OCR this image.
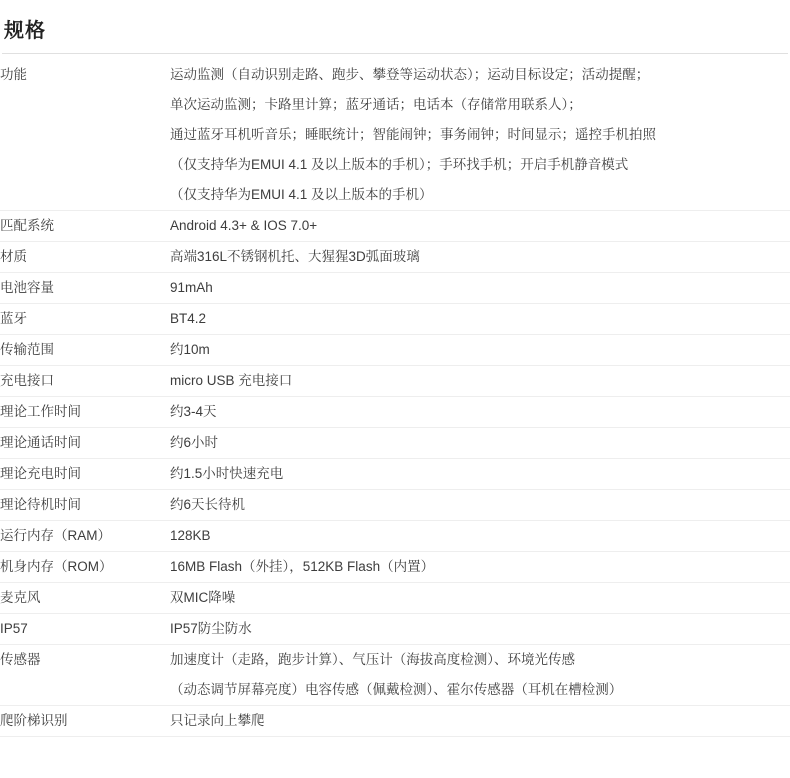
规格
功能	运动监测（自动识别走路、跑步、攀登等运动状态）；运动目标设定；活动提醒；
单次运动监测；卡路里计算；蓝牙通话；电话本（存储常用联系人）；
通过蓝牙耳机听音乐；睡眠统计；智能闹钟；事务闹钟；时间显示；遥控手机拍照
（仅支持华为EMUI 4.1 及以上版本的手机）；手环找手机；开启手机静音模式
（仅支持华为EMUI 4.1 及以上版本的手机）

匹配系统	Android 4.3+ & IOS 7.0+

材质	高端316L不锈钢机托、大猩猩3D弧面玻璃

电池容量	91mAh

蓝牙	BT4.2

传输范围	约10m

充电接口	micro USB 充电接口

理论工作时间	约3-4天

理论通话时间	约6小时

理论充电时间	约1.5小时快速充电

理论待机时间	约6天长待机

运行内存（RAM）	128KB

机身内存（ROM）	16MB Flash（外挂），512KB Flash（内置）

麦克风	双MIC降噪

IP57	IP57防尘防水

传感器	加速度计（走路，跑步计算）、气压计（海拔高度检测）、环境光传感
（动态调节屏幕亮度）电容传感（佩戴检测）、霍尔传感器（耳机在槽检测）

爬阶梯识别	只记录向上攀爬
